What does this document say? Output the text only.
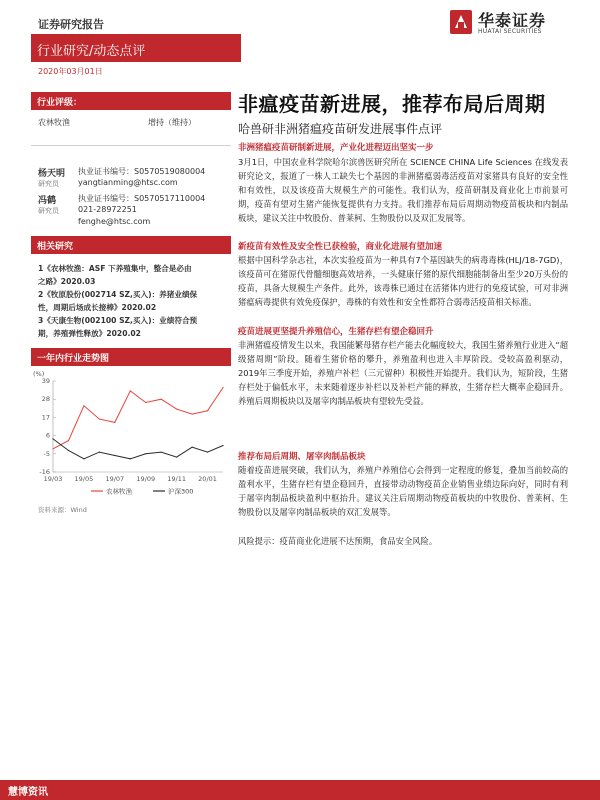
证券研究报告	华泰证券
HUATAI SECURITIES
行业研究/动态点评
2020年03月01日
非瘟疫苗新进展，推荐布局后周期
哈兽研非洲猪瘟疫苗研发进展事件点评
行业评级：
农林牧渔	增持（维持）
杨天明
研究员
执业证书编号：S0570519080004
yangtianming@htsc.com
冯鹤
研究员
执业证书编号：S0570517110004
021-28972251
fenghe@htsc.com
相关研究
1《农林牧渔：ASF 下养殖集中，整合是必由
之路》2020.03
2《牧原股份(002714 SZ,买入)：养猪业绩保
性，周期后场成长接棒》2020.02
3《天康生物(002100 SZ,买入)：业绩符合预
期，养殖弹性释放》2020.02
一年内行业走势图
(%)
-16
-5
6
17
28
39
19/03 19/05 19/07 19/09 19/11 20/01
农林牧渔	沪深300
资料来源：Wind
非洲猪瘟疫苗研制新进展，产业化进程迈出坚实一步
3月1日，中国农业科学院哈尔滨兽医研究所在 SCIENCE CHINA Life Sciences 在线发表研究论文，报道了一株人工缺失七个基因的非洲猪瘟弱毒活疫苗对家猪具有良好的安全性和有效性，以及该疫苗大规模生产的可能性。我们认为，疫苗研制及商业化上市前景可期，疫苗有望对生猪产能恢复提供有力支持。我们推荐布局后周期动物疫苗板块和内制品板块，建议关注中牧股份、普莱柯、生物股份以及双汇发展等。
新疫苗有效性及安全性已获检验，商业化进展有望加速
根据中国科学杂志社，本次实验疫苗为一种具有7个基因缺失的病毒毒株(HLJ/18-7GD)，该疫苗可在猪原代骨髓细胞高效培养，一头健康仔猪的原代细胞能制备出至少20万头份的疫苗，具备大规模生产条件。此外，该毒株已通过在活猪体内进行的免疫试验，可对非洲猪瘟病毒提供有效免疫保护，毒株的有效性和安全性都符合弱毒活疫苗相关标准。
疫苗进展更坚提升养殖信心，生猪存栏有望企稳回升
非洲猪瘟疫情发生以来，我国能繁母猪存栏产能去化幅度较大，我国生猪养殖行业进入“超级猪周期”阶段。随着生猪价格的攀升，养殖盈利也进入丰厚阶段。受较高盈利驱动，2019年三季度开始，养殖户补栏（三元留种）积极性开始提升。我们认为，短阶段，生猪存栏处于偏低水平，未来随着逐步补栏以及补栏产能的释放，生猪存栏大概率企稳回升。养殖后周期板块以及屠宰肉制品板块有望较先受益。
推荐布局后周期、屠宰肉制品板块
随着疫苗进展突破，我们认为，养殖户养殖信心会得到一定程度的修复，叠加当前较高的盈利水平，生猪存栏有望企稳回升，直接带动动物疫苗企业销售业绩边际向好，同时有利于屠宰肉制品板块盈利中枢抬升。建议关注后周期动物疫苗板块的中牧股份、普莱柯、生物股份以及屠宰肉制品板块的双汇发展等。
风险提示：疫苗商业化进展不达预期，食品安全风险。
慧博资讯
